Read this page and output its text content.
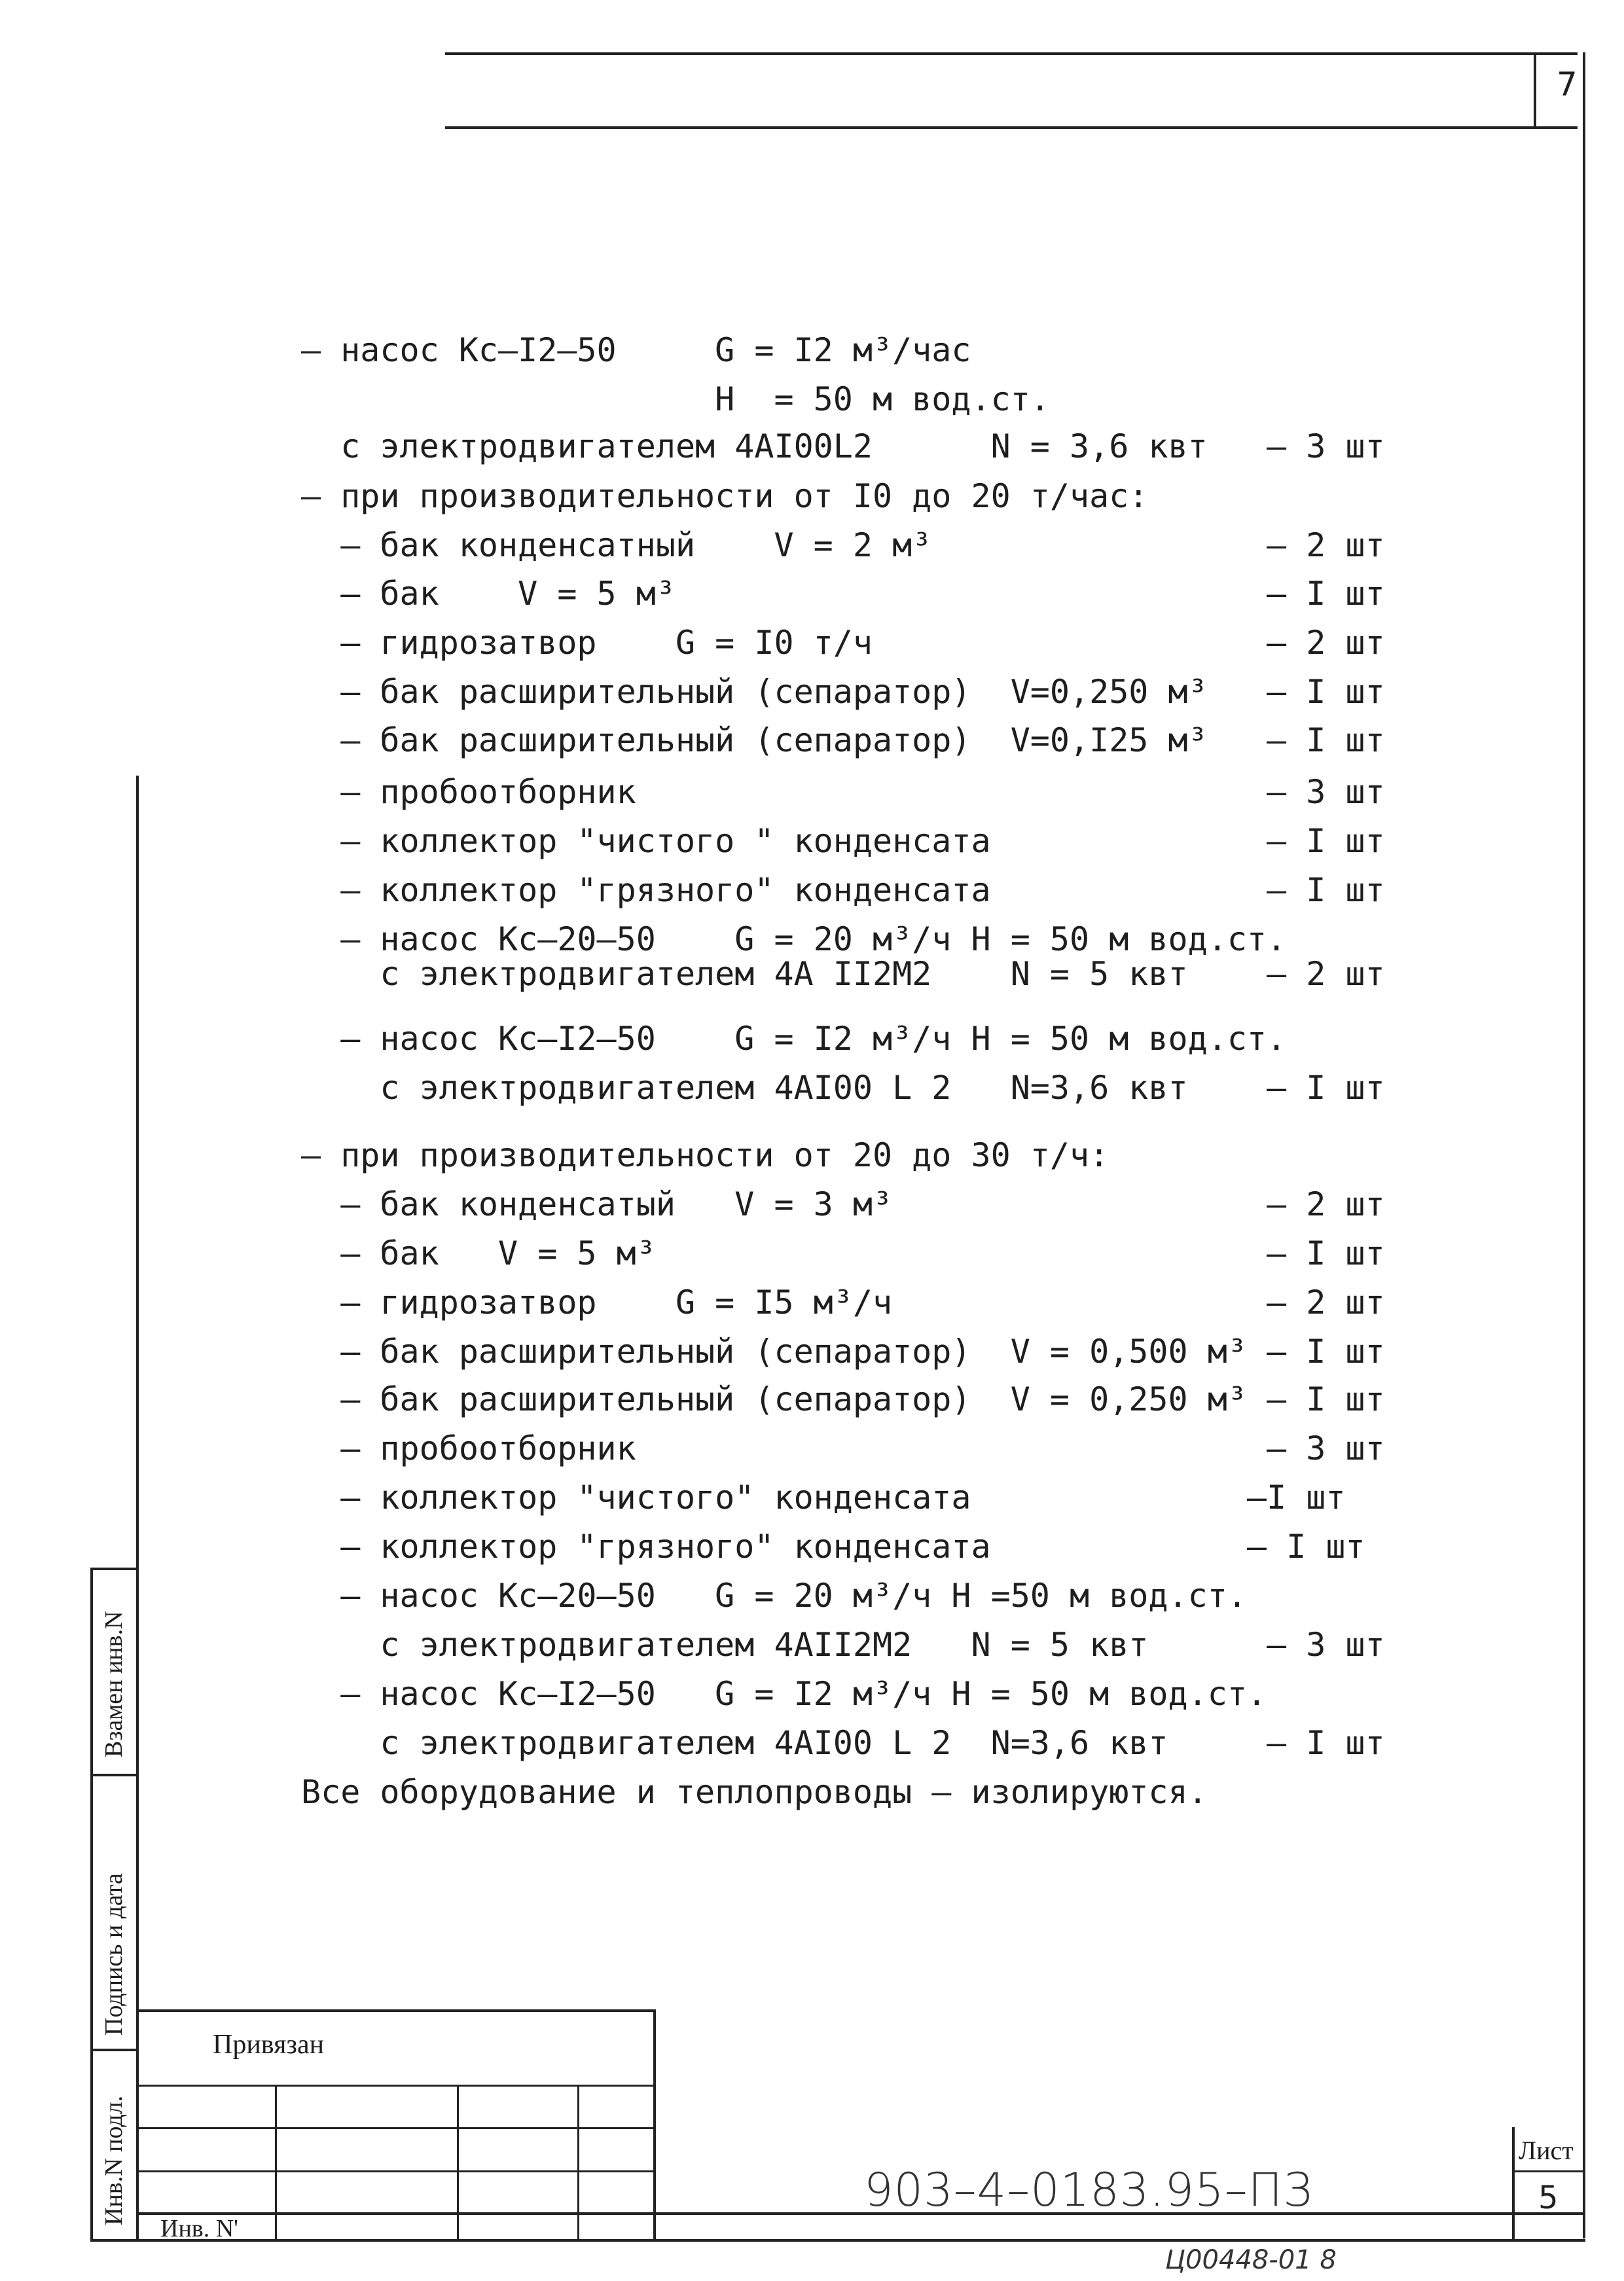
7
– насос Кс–I2–50     G = I2 м³/час
H  = 50 м вод.ст.
с электродвигателем 4AI00L2      N = 3,6 квт   – 3 шт
– при производительности от I0 до 20 т/час:
– бак конденсатный    V = 2 м³                 – 2 шт
– бак    V = 5 м³                              – I шт
– гидрозатвор    G = I0 т/ч                    – 2 шт
– бак расширительный (сепаратор)  V=0,250 м³   – I шт
– бак расширительный (сепаратор)  V=0,I25 м³   – I шт
– пробоотборник                                – 3 шт
– коллектор "чистого " конденсата              – I шт
– коллектор "грязного" конденсата              – I шт
– насос Кс–20–50    G = 20 м³/ч H = 50 м вод.ст.
с электродвигателем 4A II2M2    N = 5 квт    – 2 шт
– насос Кс–I2–50    G = I2 м³/ч H = 50 м вод.ст.
с электродвигателем 4AI00 L 2   N=3,6 квт    – I шт
– при производительности от 20 до 30 т/ч:
– бак конденсатый   V = 3 м³                   – 2 шт
– бак   V = 5 м³                               – I шт
– гидрозатвор    G = I5 м³/ч                   – 2 шт
– бак расширительный (сепаратор)  V = 0,500 м³ – I шт
– бак расширительный (сепаратор)  V = 0,250 м³ – I шт
– пробоотборник                                – 3 шт
– коллектор "чистого" конденсата              –I шт
– коллектор "грязного" конденсата             – I шт
– насос Кс–20–50   G = 20 м³/ч H =50 м вод.ст.
с электродвигателем 4AII2M2   N = 5 квт      – 3 шт
– насос Кс–I2–50   G = I2 м³/ч H = 50 м вод.ст.
с электродвигателем 4AI00 L 2  N=3,6 квт     – I шт
Все оборудование и теплопроводы – изолируются.
Инв.N подл.
Подпись и дата
Взамен инв.N
Привязан
Инв. N'
903–4–0183.95–ПЗ
Лист
5
Ц00448-01 8
